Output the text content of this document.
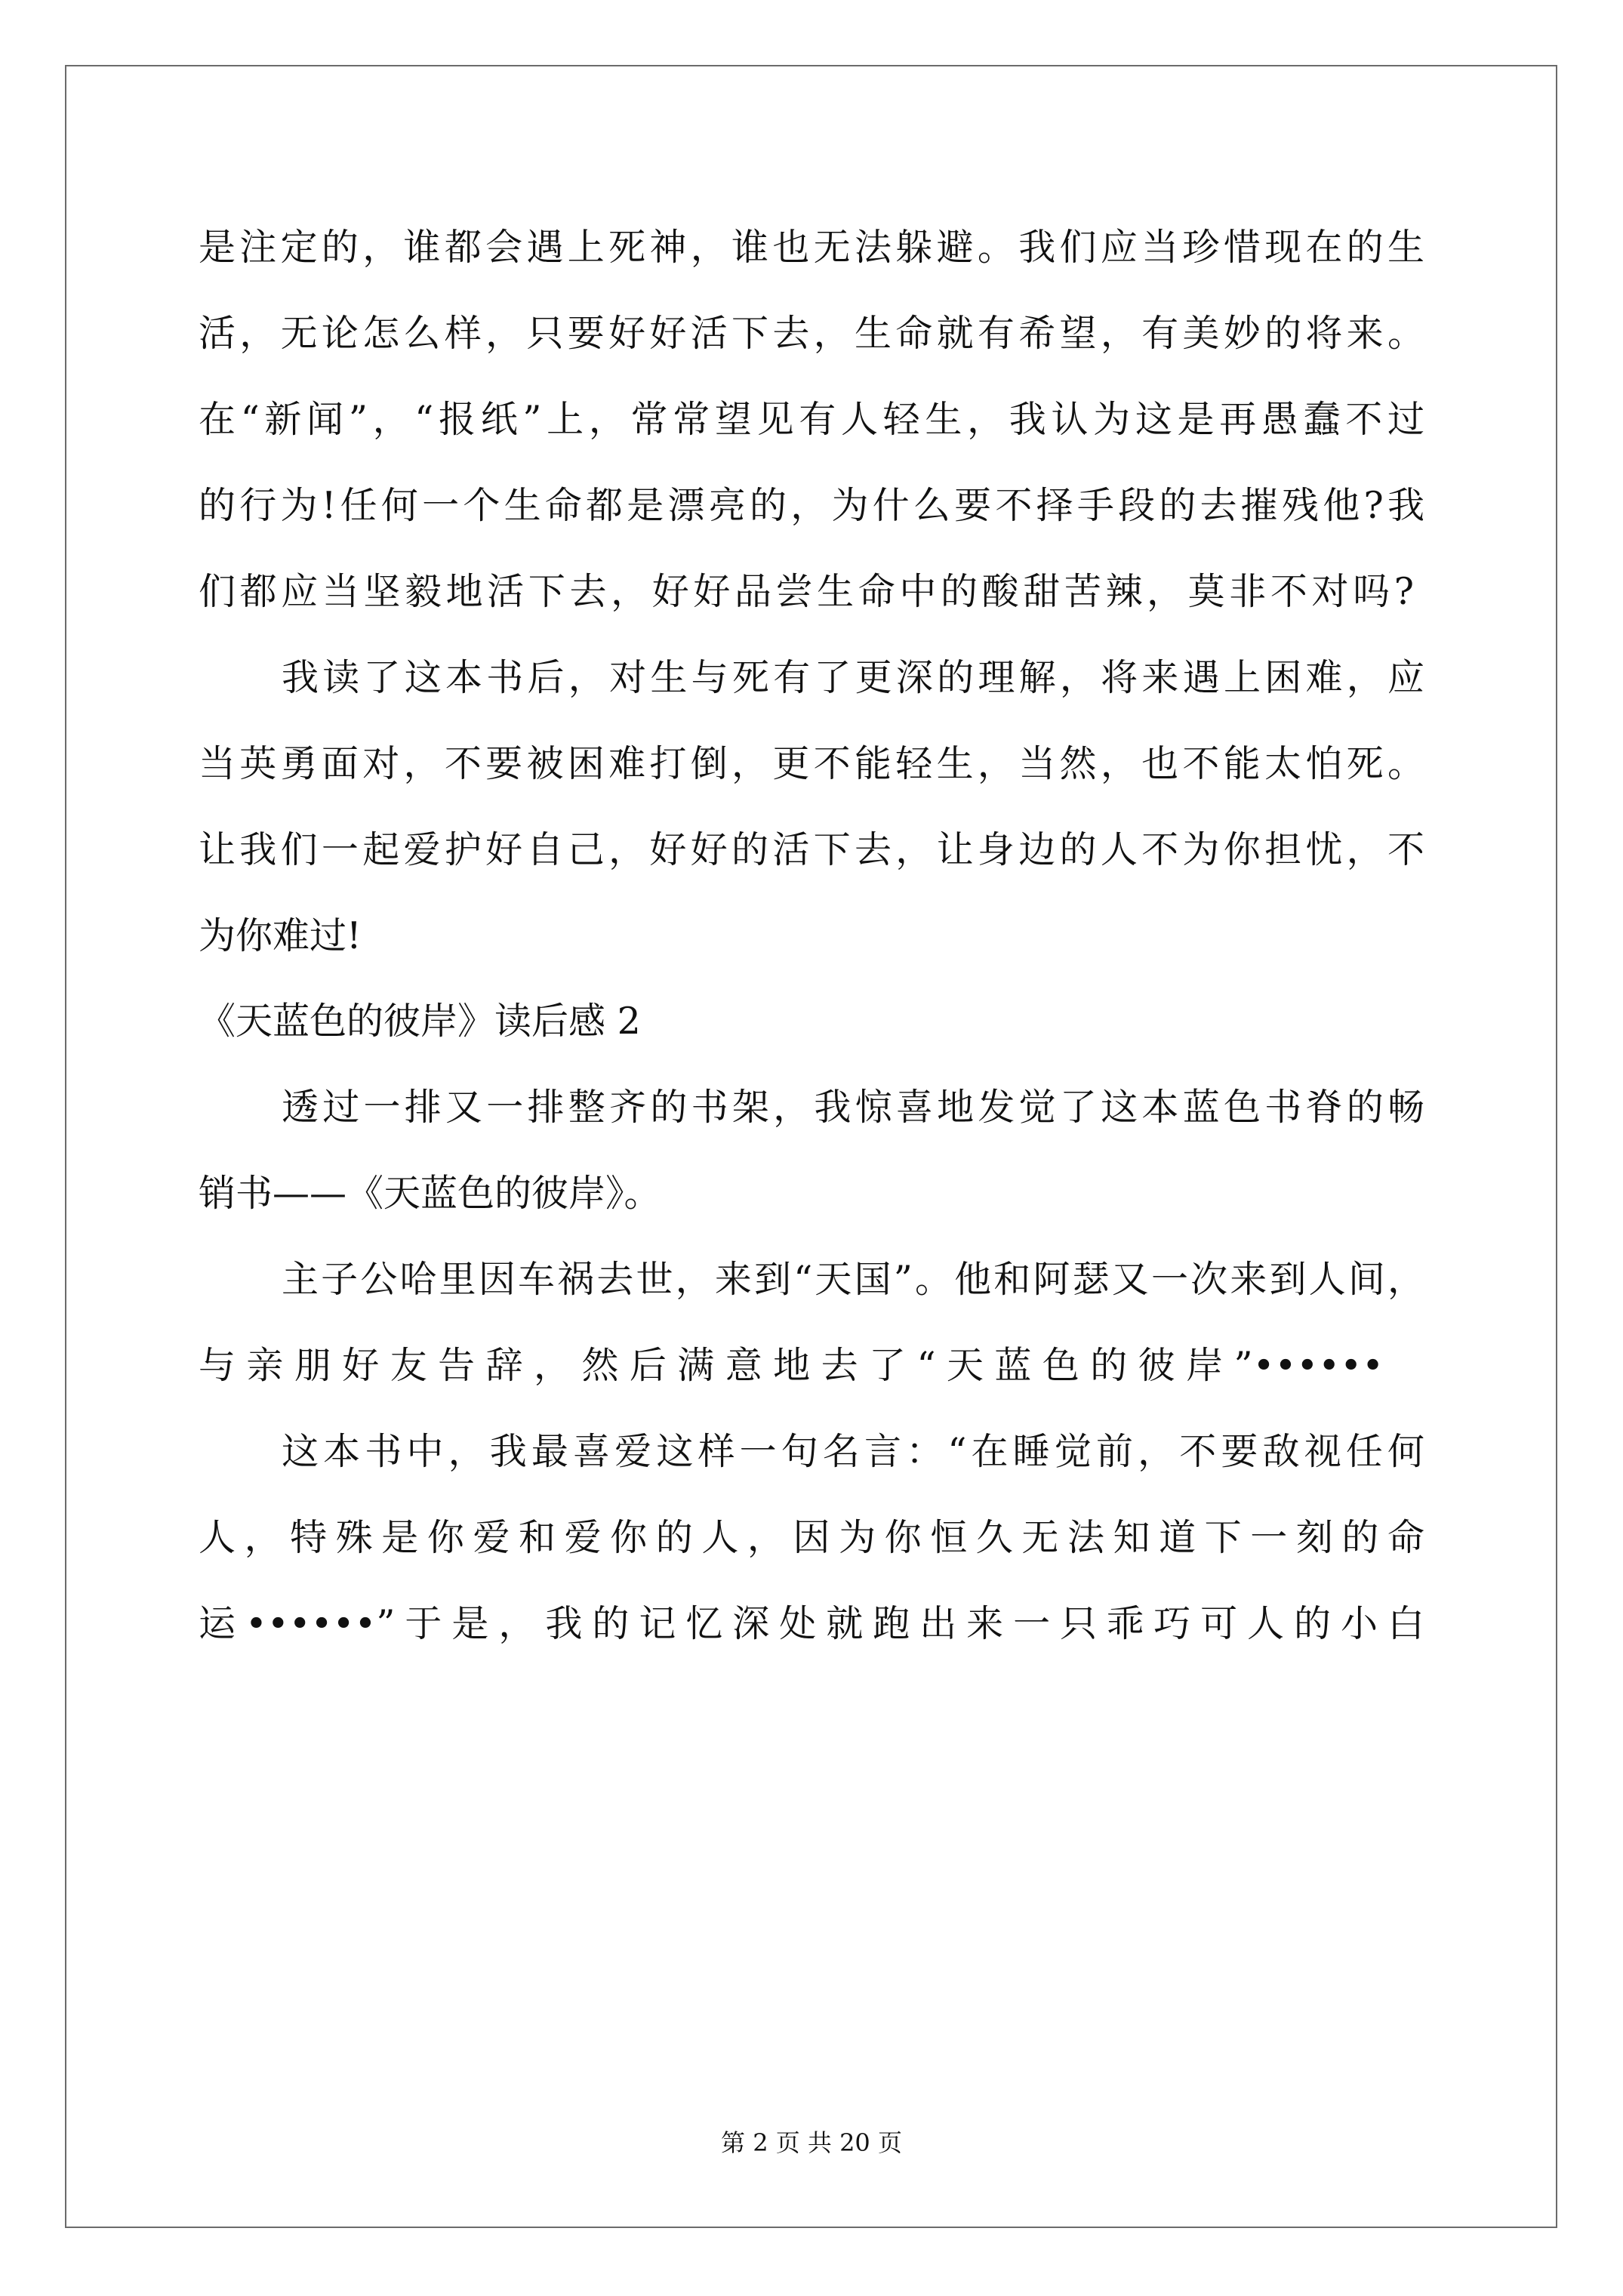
是注定的，谁都会遇上死神，谁也无法躲避。我们应当珍惜现在的生
活，无论怎么样，只要好好活下去，生命就有希望，有美妙的将来。
在“新闻”，“报纸”上，常常望见有人轻生，我认为这是再愚蠢不过
的行为!任何一个生命都是漂亮的，为什么要不择手段的去摧残他?我
们都应当坚毅地活下去，好好品尝生命中的酸甜苦辣，莫非不对吗?
我读了这本书后，对生与死有了更深的理解，将来遇上困难，应
当英勇面对，不要被困难打倒，更不能轻生，当然，也不能太怕死。
让我们一起爱护好自己，好好的活下去，让身边的人不为你担忧，不
为你难过!
《天蓝色的彼岸》读后感 2
透过一排又一排整齐的书架，我惊喜地发觉了这本蓝色书脊的畅
销书——《天蓝色的彼岸》。
主子公哈里因车祸去世，来到“天国”。他和阿瑟又一次来到人间，
与亲朋好友告辞，然后满意地去了“天蓝色的彼岸”••••••
这本书中，我最喜爱这样一句名言：“在睡觉前，不要敌视任何
人，特殊是你爱和爱你的人，因为你恒久无法知道下一刻的命
运••••••”于是，我的记忆深处就跑出来一只乖巧可人的小白
第 2 页 共 20 页
